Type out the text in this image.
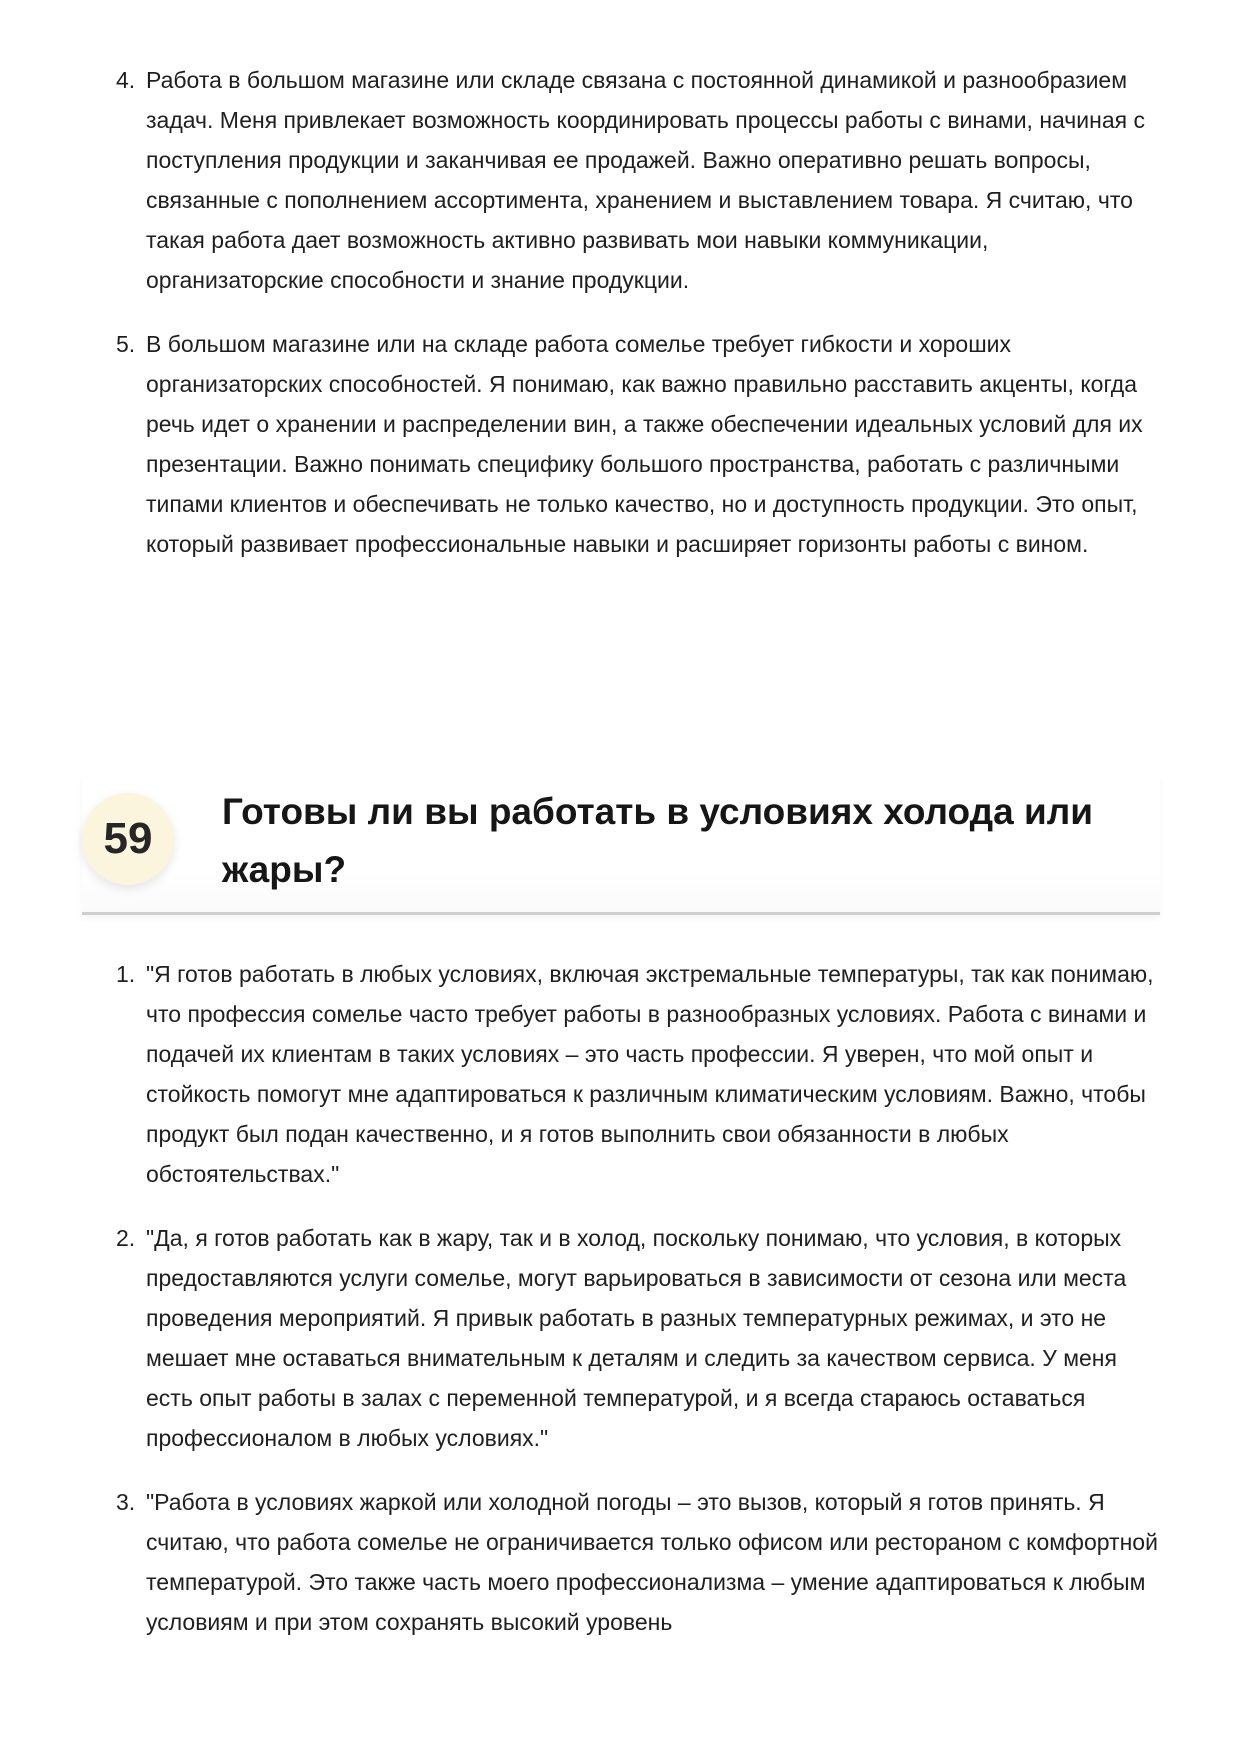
4. Работа в большом магазине или складе связана с постоянной динамикой и разнообразием задач. Меня привлекает возможность координировать процессы работы с винами, начиная с поступления продукции и заканчивая ее продажей. Важно оперативно решать вопросы, связанные с пополнением ассортимента, хранением и выставлением товара. Я считаю, что такая работа дает возможность активно развивать мои навыки коммуникации, организаторские способности и знание продукции.
5. В большом магазине или на складе работа сомелье требует гибкости и хороших организаторских способностей. Я понимаю, как важно правильно расставить акценты, когда речь идет о хранении и распределении вин, а также обеспечении идеальных условий для их презентации. Важно понимать специфику большого пространства, работать с различными типами клиентов и обеспечивать не только качество, но и доступность продукции. Это опыт, который развивает профессиональные навыки и расширяет горизонты работы с вином.
59
Готовы ли вы работать в условиях холода или жары?
1. "Я готов работать в любых условиях, включая экстремальные температуры, так как понимаю, что профессия сомелье часто требует работы в разнообразных условиях. Работа с винами и подачей их клиентам в таких условиях – это часть профессии. Я уверен, что мой опыт и стойкость помогут мне адаптироваться к различным климатическим условиям. Важно, чтобы продукт был подан качественно, и я готов выполнить свои обязанности в любых обстоятельствах."
2. "Да, я готов работать как в жару, так и в холод, поскольку понимаю, что условия, в которых предоставляются услуги сомелье, могут варьироваться в зависимости от сезона или места проведения мероприятий. Я привык работать в разных температурных режимах, и это не мешает мне оставаться внимательным к деталям и следить за качеством сервиса. У меня есть опыт работы в залах с переменной температурой, и я всегда стараюсь оставаться профессионалом в любых условиях."
3. "Работа в условиях жаркой или холодной погоды – это вызов, который я готов принять. Я считаю, что работа сомелье не ограничивается только офисом или рестораном с комфортной температурой. Это также часть моего профессионализма – умение адаптироваться к любым условиям и при этом сохранять высокий уровень
